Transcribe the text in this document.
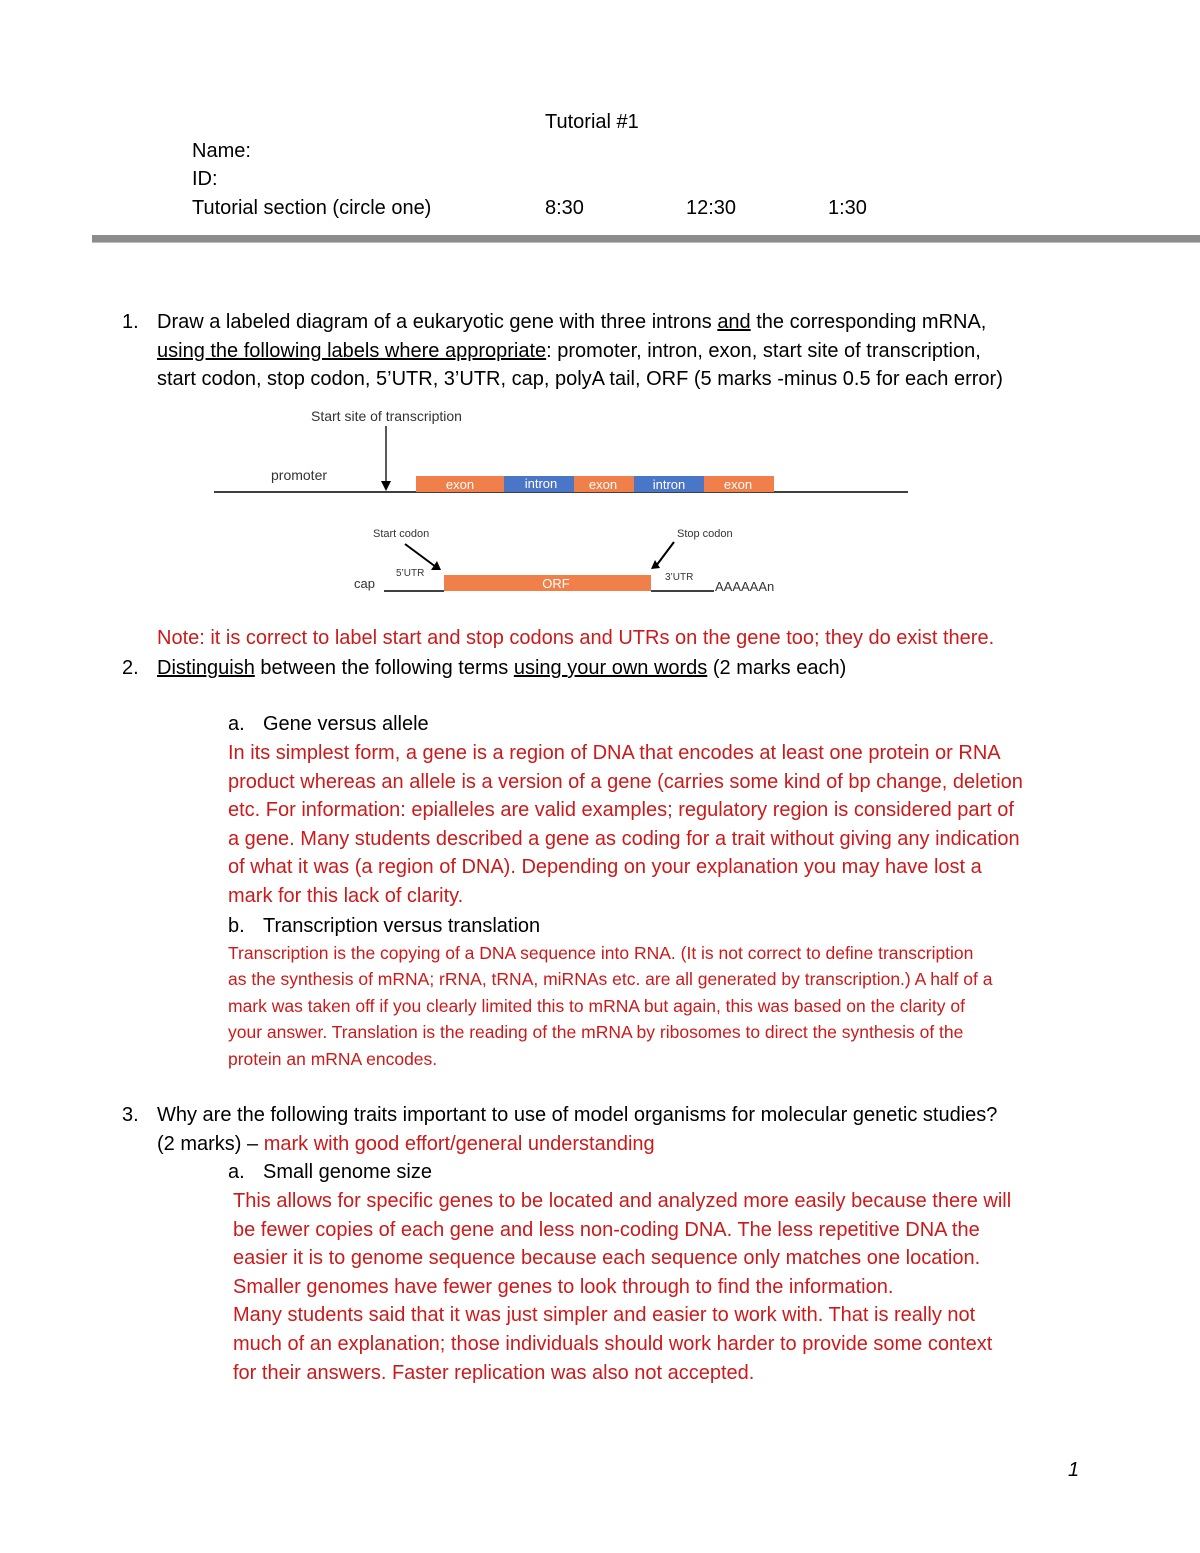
Tutorial #1
Name:
ID:
Tutorial section (circle one)	8:30	12:30	1:30
1. Draw a labeled diagram of a eukaryotic gene with three introns and the corresponding mRNA,
using the following labels where appropriate: promoter, intron, exon, start site of transcription,
start codon, stop codon, 5’UTR, 3’UTR, cap, polyA tail, ORF (5 marks -minus 0.5 for each error)
Start site of transcription
promoter
exon	intron exon	intron	exon
Start codon	Stop codon
cap
5’UTR
ORF	3’UTR
AAAAAAn
Note: it is correct to label start and stop codons and UTRs on the gene too; they do exist there.
2. Distinguish between the following terms using your own words (2 marks each)
a. Gene versus allele
In its simplest form, a gene is a region of DNA that encodes at least one protein or RNA
product whereas an allele is a version of a gene (carries some kind of bp change, deletion
etc. For information: epialleles are valid examples; regulatory region is considered part of
a gene. Many students described a gene as coding for a trait without giving any indication
of what it was (a region of DNA). Depending on your explanation you may have lost a
mark for this lack of clarity.
b. Transcription versus translation
Transcription is the copying of a DNA sequence into RNA. (It is not correct to define transcription
as the synthesis of mRNA; rRNA, tRNA, miRNAs etc. are all generated by transcription.) A half of a
mark was taken off if you clearly limited this to mRNA but again, this was based on the clarity of
your answer. Translation is the reading of the mRNA by ribosomes to direct the synthesis of the
protein an mRNA encodes.
3. Why are the following traits important to use of model organisms for molecular genetic studies?
(2 marks) – mark with good effort/general understanding
a. Small genome size
This allows for specific genes to be located and analyzed more easily because there will
be fewer copies of each gene and less non-coding DNA. The less repetitive DNA the
easier it is to genome sequence because each sequence only matches one location.
Smaller genomes have fewer genes to look through to find the information.
Many students said that it was just simpler and easier to work with. That is really not
much of an explanation; those individuals should work harder to provide some context
for their answers. Faster replication was also not accepted.
1
